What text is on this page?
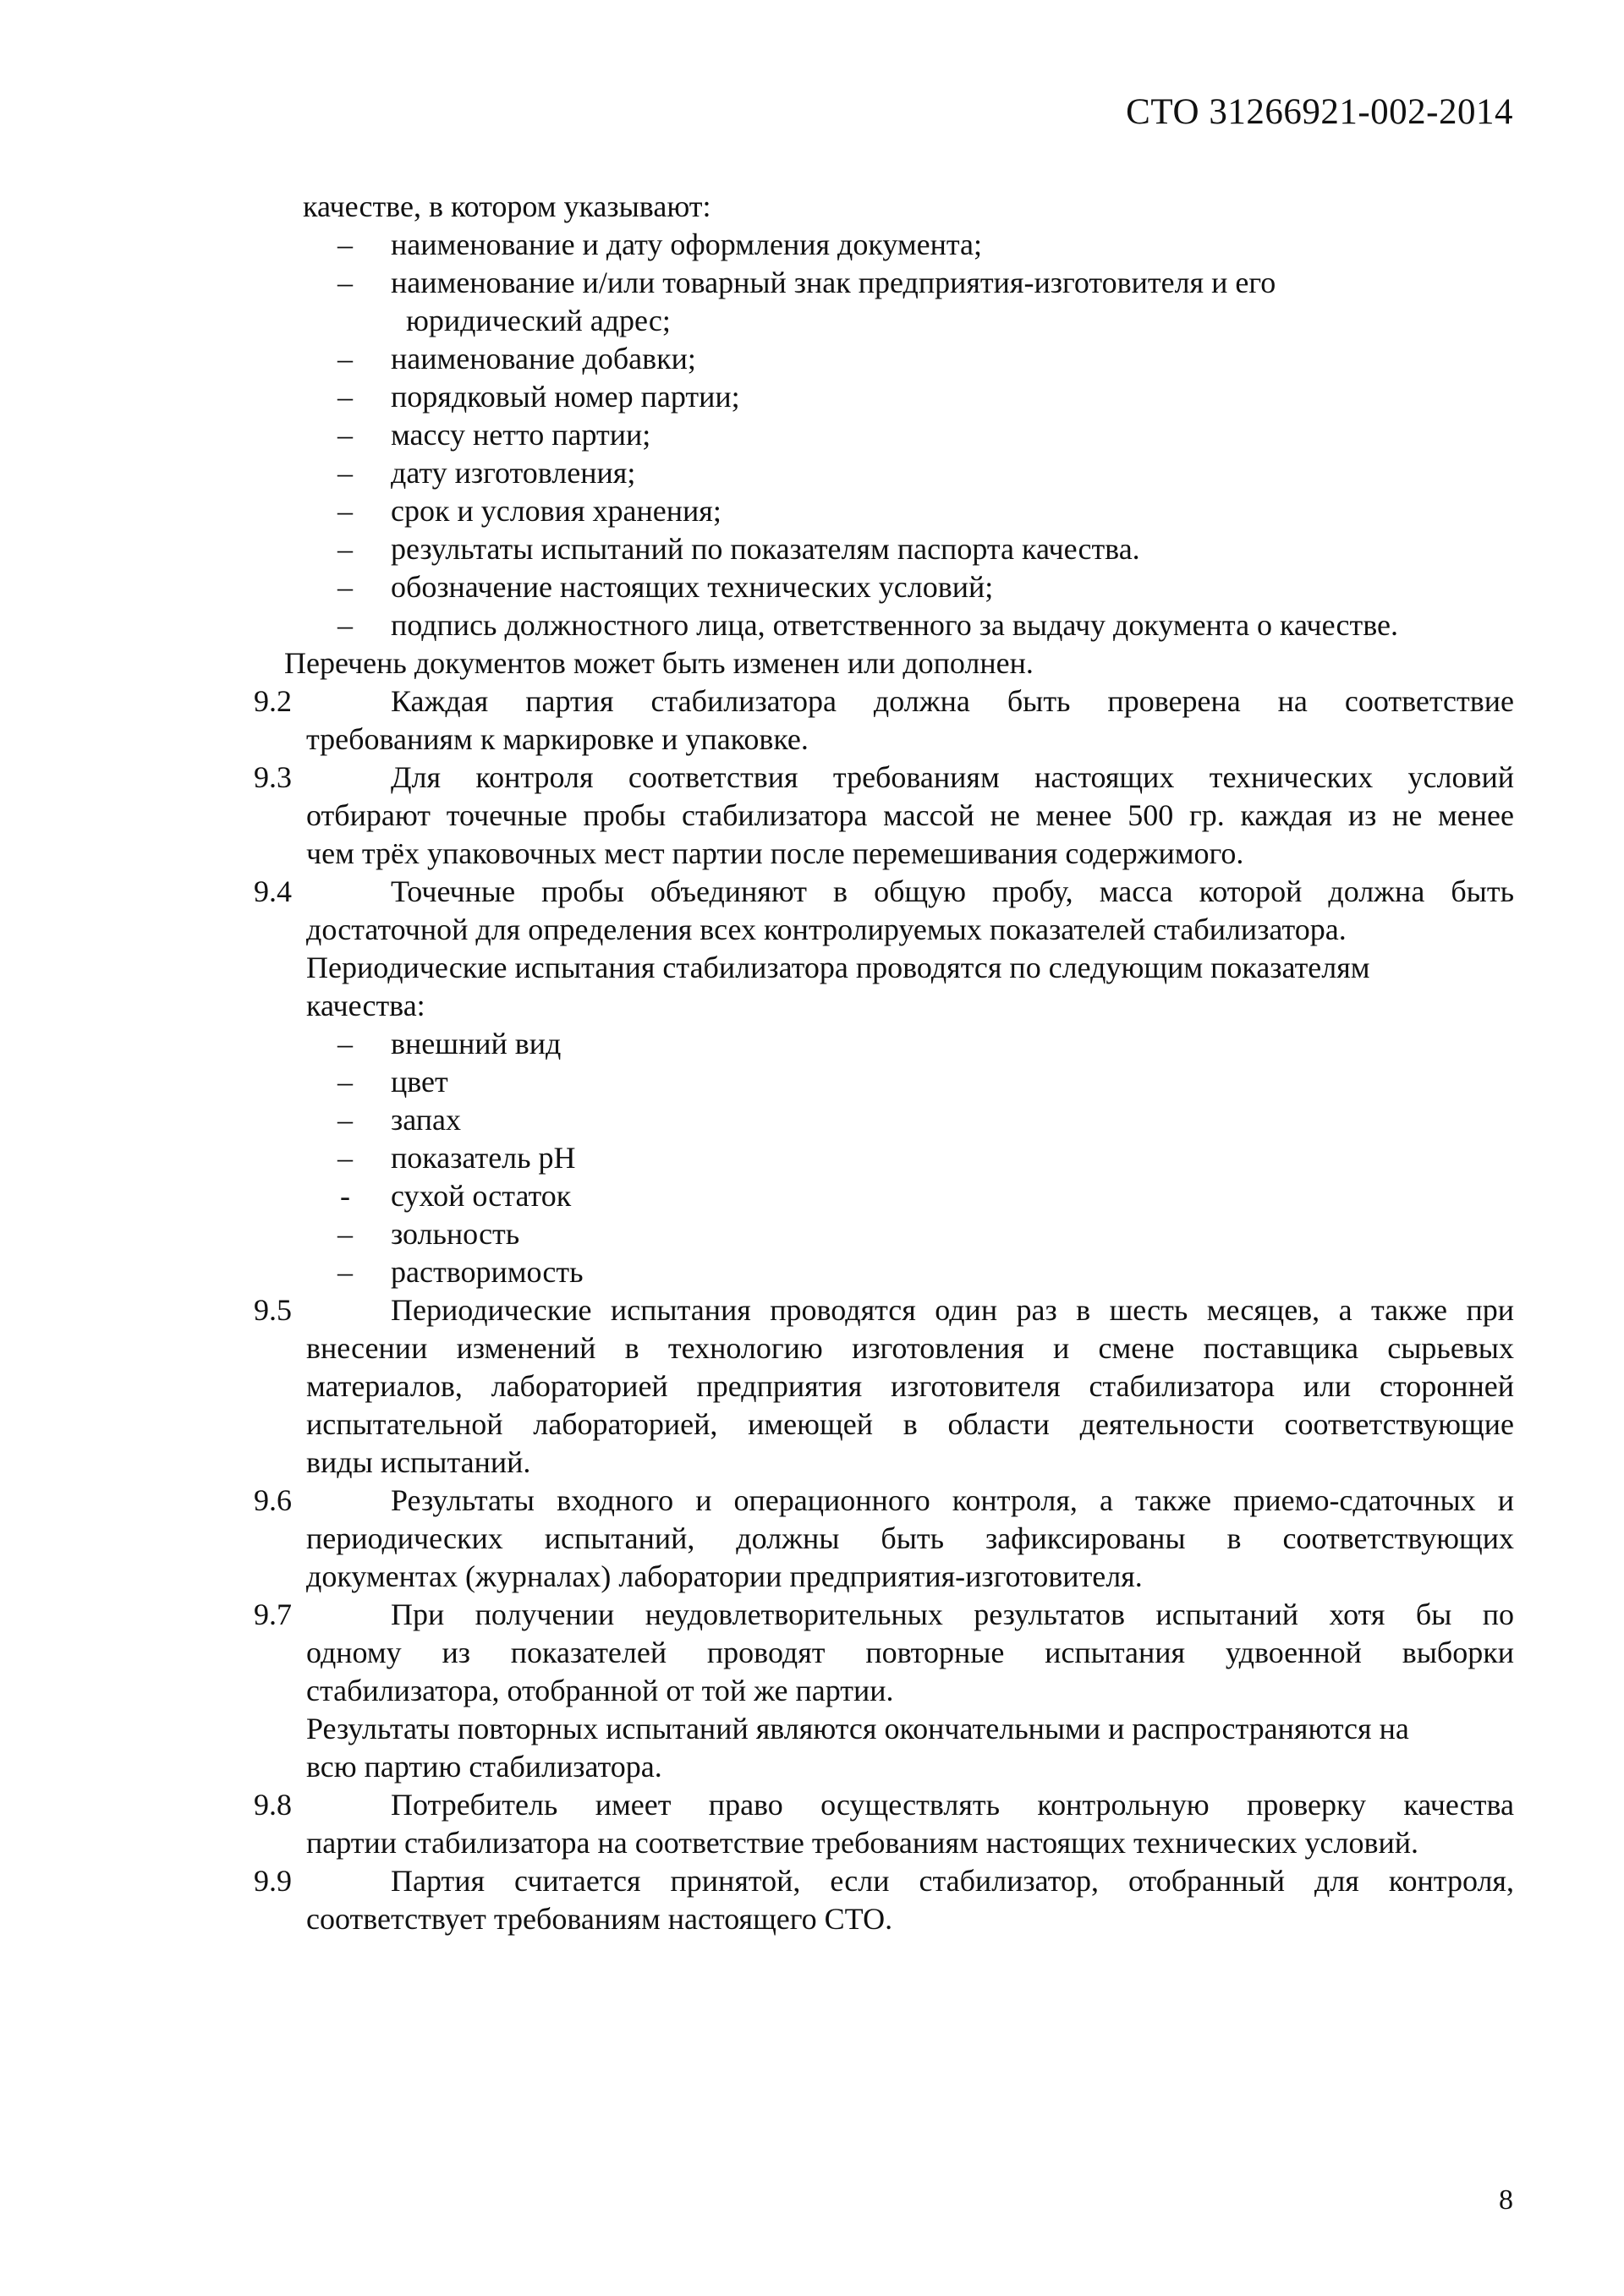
СТО 31266921-002-2014
качестве, в котором указывают:
– наименование и дату оформления документа;
– наименование и/или товарный знак предприятия-изготовителя и его
юридический адрес;
– наименование добавки;
– порядковый номер партии;
– массу нетто партии;
– дату изготовления;
– срок и условия хранения;
– результаты испытаний по показателям паспорта качества.
– обозначение настоящих технических условий;
– подпись должностного лица, ответственного за выдачу документа о качестве.
Перечень документов может быть изменен или дополнен.
9.2	Каждая партия стабилизатора должна быть проверена на соответствие
требованиям к маркировке и упаковке.
9.3	Для контроля соответствия требованиям настоящих технических условий
отбирают точечные пробы стабилизатора массой не менее 500 гр. каждая из не менее
чем трёх упаковочных мест партии после перемешивания содержимого.
9.4	Точечные пробы объединяют в общую пробу, масса которой должна быть
достаточной для определения всех контролируемых показателей стабилизатора.
Периодические испытания стабилизатора проводятся по следующим показателям
качества:
– внешний вид
– цвет
– запах
– показатель рН
- сухой остаток
– зольность
– растворимость
9.5	Периодические испытания проводятся один раз в шесть месяцев, а также при
внесении изменений в технологию изготовления и смене поставщика сырьевых
материалов, лабораторией предприятия изготовителя стабилизатора или сторонней
испытательной лабораторией, имеющей в области деятельности соответствующие
виды испытаний.
9.6	Результаты входного и операционного контроля, а также приемо-сдаточных и
периодических испытаний, должны быть зафиксированы в соответствующих
документах (журналах) лаборатории предприятия-изготовителя.
9.7	При получении неудовлетворительных результатов испытаний хотя бы по
одному из показателей проводят повторные испытания удвоенной выборки
стабилизатора, отобранной от той же партии.
Результаты повторных испытаний являются окончательными и распространяются на
всю партию стабилизатора.
9.8	Потребитель имеет право осуществлять контрольную проверку качества
партии стабилизатора на соответствие требованиям настоящих технических условий.
9.9	Партия считается принятой, если стабилизатор, отобранный для контроля,
соответствует требованиям настоящего СТО.
8
